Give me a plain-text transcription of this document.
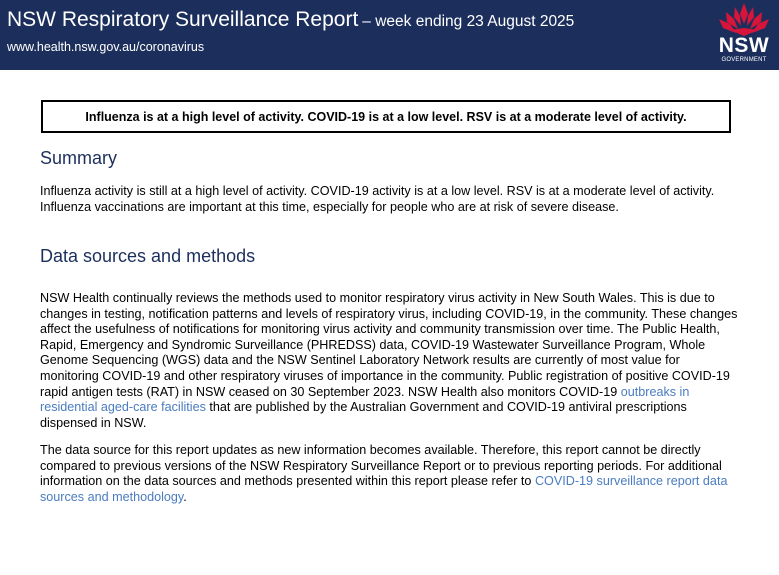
NSW Respiratory Surveillance Report – week ending 23 August 2025
www.health.nsw.gov.au/coronavirus	NSW
GOVERNMENT
Influenza is at a high level of activity. COVID-19 is at a low level. RSV is at a moderate level of activity.
Summary

Influenza activity is still at a high level of activity. COVID-19 activity is at a low level. RSV is at a moderate level of activity. Influenza vaccinations are important at this time, especially for people who are at risk of severe disease.

Data sources and methods

NSW Health continually reviews the methods used to monitor respiratory virus activity in New South Wales. This is due to changes in testing, notification patterns and levels of respiratory virus, including COVID-19, in the community. These changes affect the usefulness of notifications for monitoring virus activity and community transmission over time. The Public Health, Rapid, Emergency and Syndromic Surveillance (PHREDSS) data, COVID-19 Wastewater Surveillance Program, Whole Genome Sequencing (WGS) data and the NSW Sentinel Laboratory Network results are currently of most value for monitoring COVID-19 and other respiratory viruses of importance in the community. Public registration of positive COVID-19 rapid antigen tests (RAT) in NSW ceased on 30 September 2023. NSW Health also monitors COVID-19 outbreaks in residential aged-care facilities that are published by the Australian Government and COVID-19 antiviral prescriptions dispensed in NSW.

The data source for this report updates as new information becomes available. Therefore, this report cannot be directly compared to previous versions of the NSW Respiratory Surveillance Report or to previous reporting periods. For additional information on the data sources and methods presented within this report please refer to COVID-19 surveillance report data sources and methodology.
